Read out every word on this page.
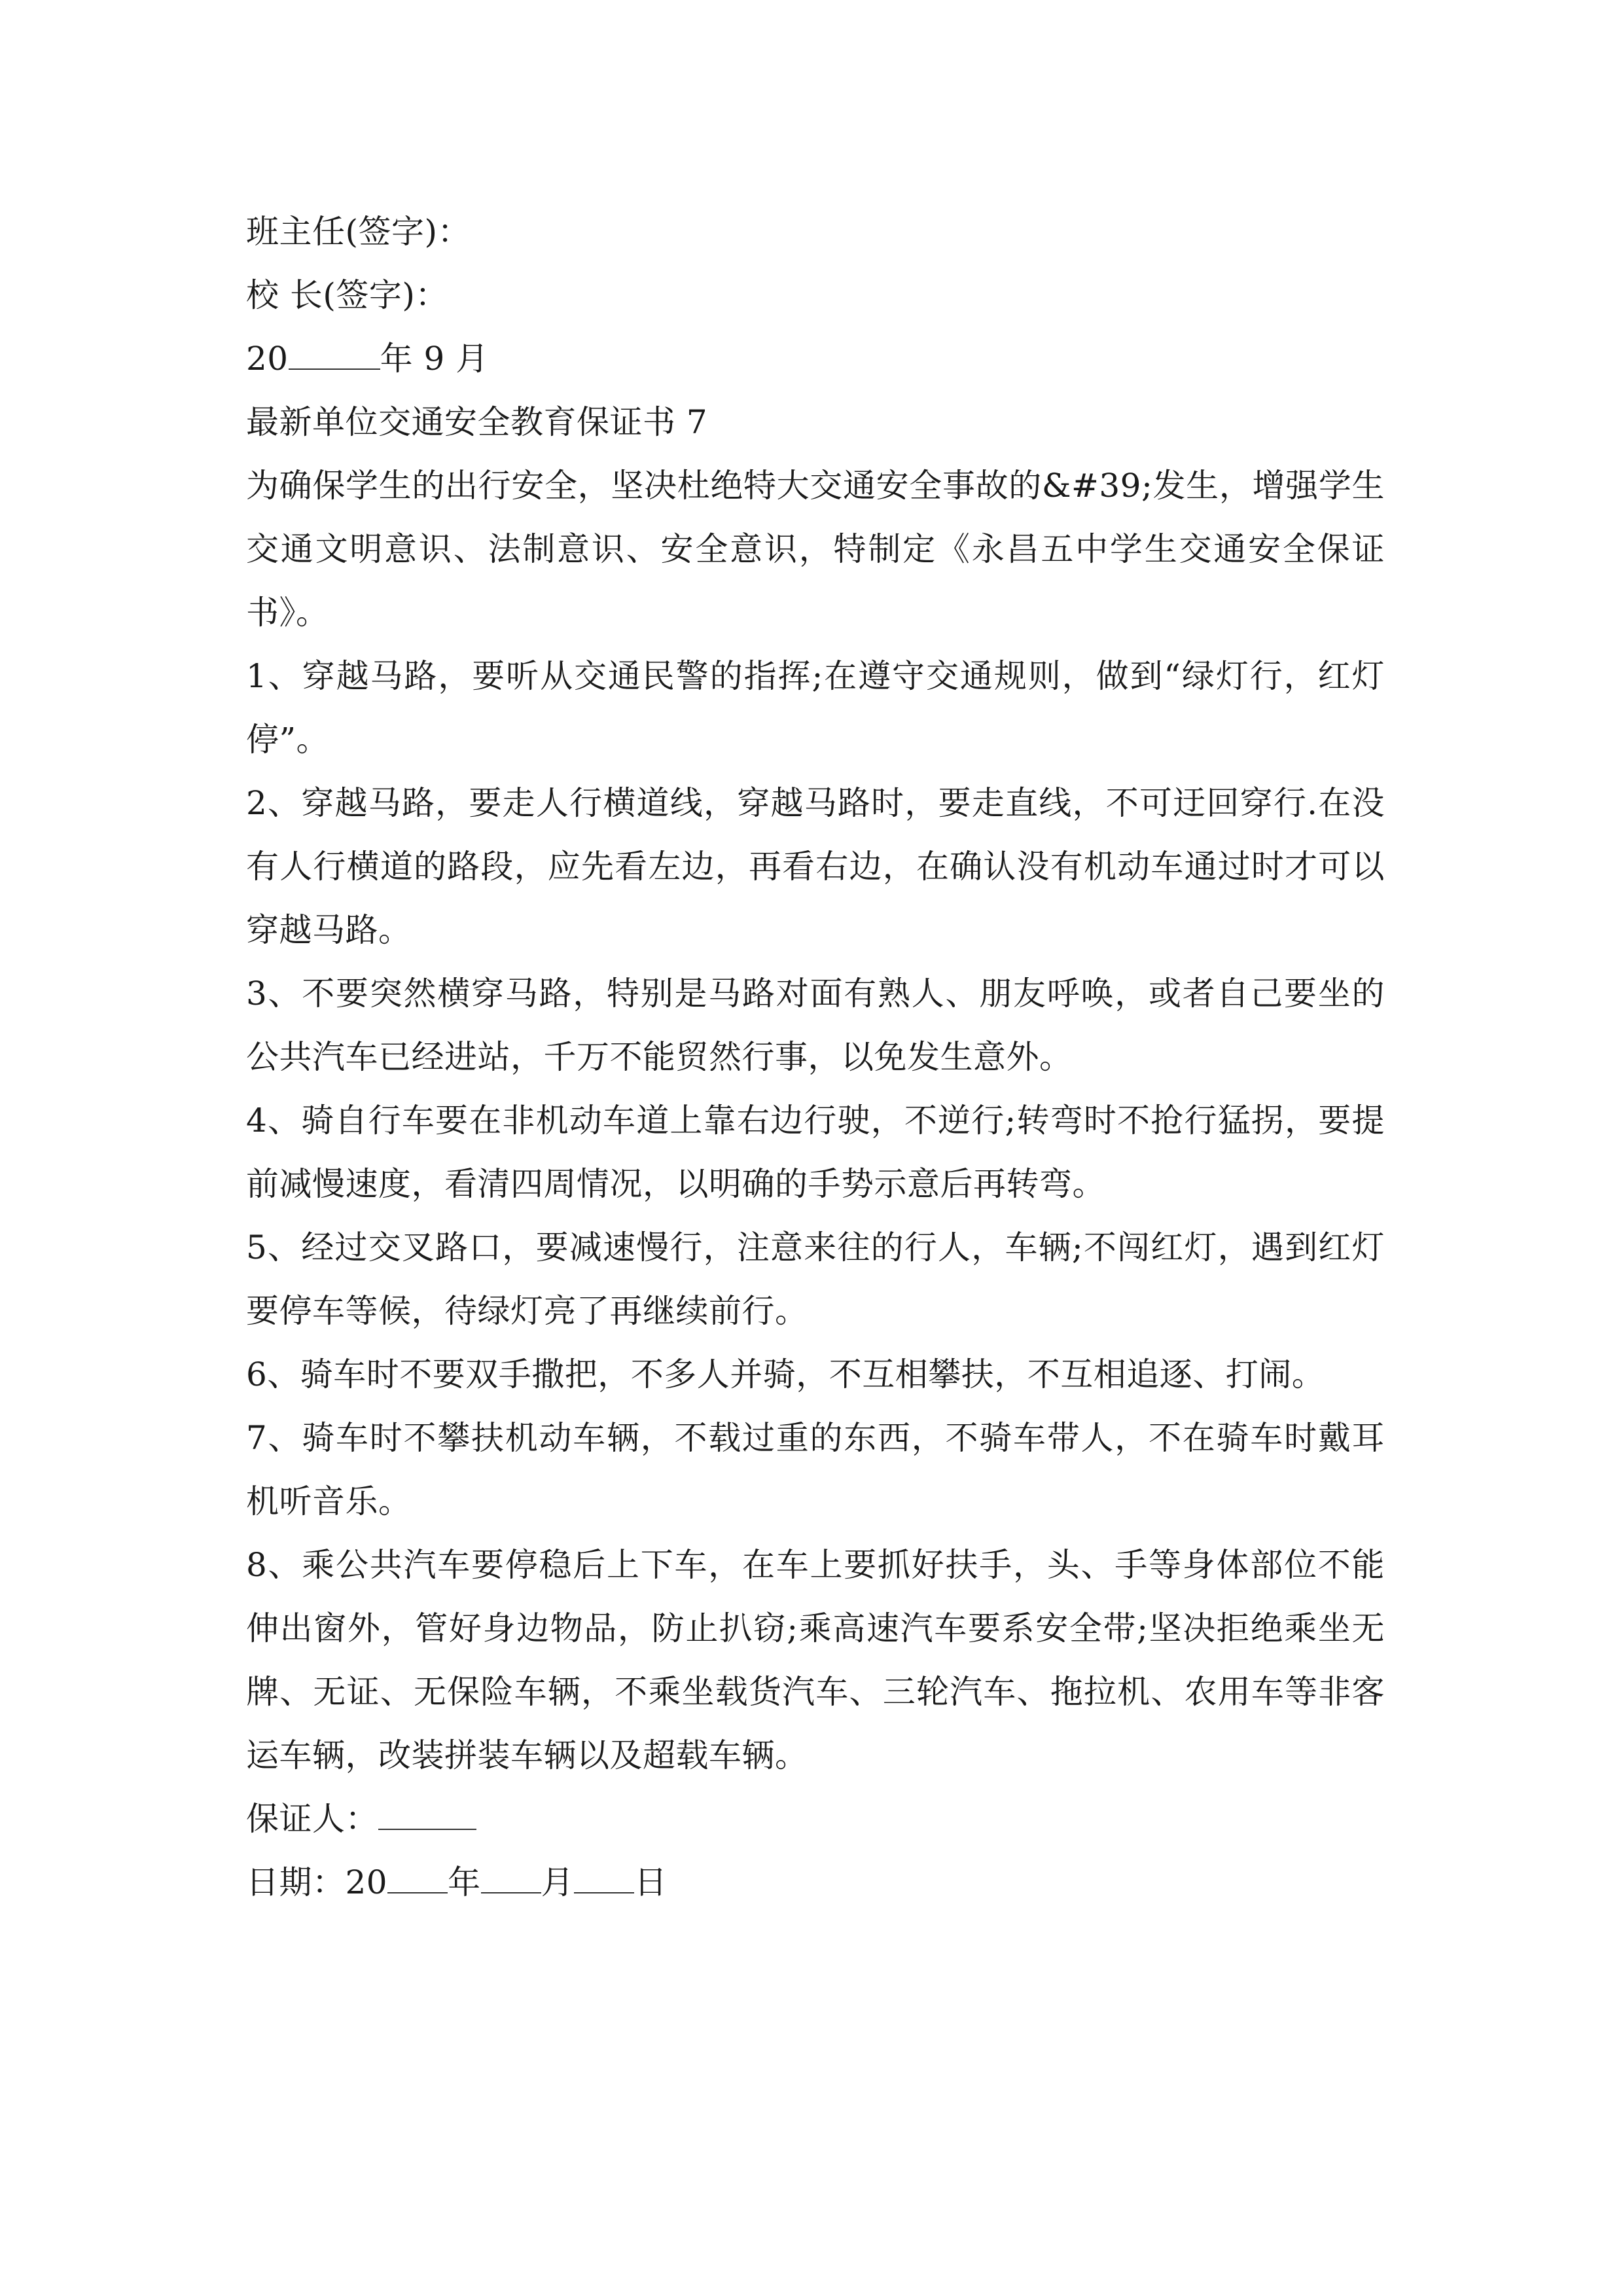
班主任(签字)：
校 长(签字)：
20	年 9 月
最新单位交通安全教育保证书 7
为确保学生的出行安全，坚决杜绝特大交通安全事故的&#39;发生，增强学生交通文明意识、法制意识、安全意识，特制定《永昌五中学生交通安全保证书》。
1、穿越马路，要听从交通民警的指挥;在遵守交通规则，做到“绿灯行，红灯停”。
2、穿越马路，要走人行横道线，穿越马路时，要走直线，不可迂回穿行.在没有人行横道的路段，应先看左边，再看右边，在确认没有机动车通过时才可以穿越马路。
3、不要突然横穿马路，特别是马路对面有熟人、朋友呼唤，或者自己要坐的公共汽车已经进站，千万不能贸然行事，以免发生意外。
4、骑自行车要在非机动车道上靠右边行驶，不逆行;转弯时不抢行猛拐，要提前减慢速度，看清四周情况，以明确的手势示意后再转弯。
5、经过交叉路口，要减速慢行，注意来往的行人，车辆;不闯红灯，遇到红灯要停车等候，待绿灯亮了再继续前行。
6、骑车时不要双手撒把，不多人并骑，不互相攀扶，不互相追逐、打闹。
7、骑车时不攀扶机动车辆，不载过重的东西，不骑车带人，不在骑车时戴耳机听音乐。
8、乘公共汽车要停稳后上下车，在车上要抓好扶手，头、手等身体部位不能伸出窗外，管好身边物品，防止扒窃;乘高速汽车要系安全带;坚决拒绝乘坐无牌、无证、无保险车辆，不乘坐载货汽车、三轮汽车、拖拉机、农用车等非客运车辆，改装拼装车辆以及超载车辆。
保证人：
日期：20 年 月 日
